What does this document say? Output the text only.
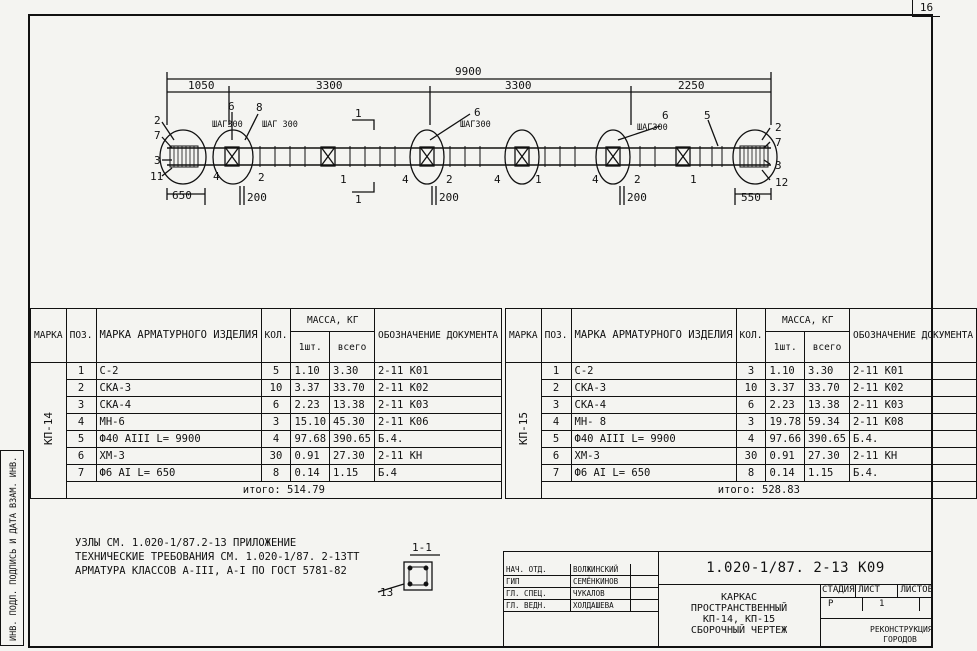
16
ИНВ. ПОДЛ. ПОДПИСЬ И ДАТА ВЗАМ. ИНВ.
9900
1050	3300	3300	2250
ШАГ300 ШАГ 300	ШАГ300	ШАГ300
650	200	200	200	550
2
7
3
11
6 8
4	2
1
1
1
6
4	2	4	1
6
4	2	1
5
2
7
3
12
1-1
13
МАРКА	ПОЗ.	МАРКА АРМАТУРНОГО ИЗДЕЛИЯ	КОЛ.	МАССА, КГ		ОБОЗНАЧЕНИЕ ДОКУМЕНТА
				1шт.	всего	
КП-14	1	С-2	5	1.10	3.30	2-11 К01
	2	СКА-3	10	3.37	33.70	2-11 К02
	3	СКА-4	6	2.23	13.38	2-11 К03
	4	МН-6	3	15.10	45.30	2-11 К06
	5	Ф40 АIII L= 9900	4	97.68	390.65	Б.4.
	6	ХМ-3	30	0.91	27.30	2-11 КН
	7	Ф6 АI L= 650	8	0.14	1.15	Б.4
	итого: 514.79					
МАРКА	ПОЗ.	МАРКА АРМАТУРНОГО ИЗДЕЛИЯ	КОЛ.	МАССА, КГ		ОБОЗНАЧЕНИЕ ДОКУМЕНТА
				1шт.	всего	
КП-15	1	С-2	3	1.10	3.30	2-11 К01
	2	СКА-3	10	3.37	33.70	2-11 К02
	3	СКА-4	6	2.23	13.38	2-11 К03
	4	МН- 8	3	19.78	59.34	2-11 К08
	5	Ф40 АIII L= 9900	4	97.66	390.65	Б.4.
	6	ХМ-3	30	0.91	27.30	2-11 КН
	7	Ф6 АI L= 650	8	0.14	1.15	Б.4.
	итого: 528.83					
УЗЛЫ СМ. 1.020-1/87.2-13 ПРИЛОЖЕНИЕ
ТЕХНИЧЕСКИЕ ТРЕБОВАНИЯ СМ. 1.020-1/87. 2-13ТТ
АРМАТУРА КЛАССОВ А-III, А-I ПО ГОСТ 5781-82	НАЧ. ОТД.	ВОЛЖИНСКИЙ
ГИП	СЕМЁНКИНОВ
ГЛ. СПЕЦ.	ЧУКАЛОВ
ГЛ. ВЕДН.	ХОЛДАШЕВА
1.020-1/87. 2-13 К09
КАРКАС
ПРОСТРАНСТВЕННЫЙ
КП-14, КП-15
СБОРОЧНЫЙ ЧЕРТЕЖ
СТАДИЯ ЛИСТ	ЛИСТОВ
Р	1
РЕКОНСТРУКЦИЯ ГОРОДОВ
